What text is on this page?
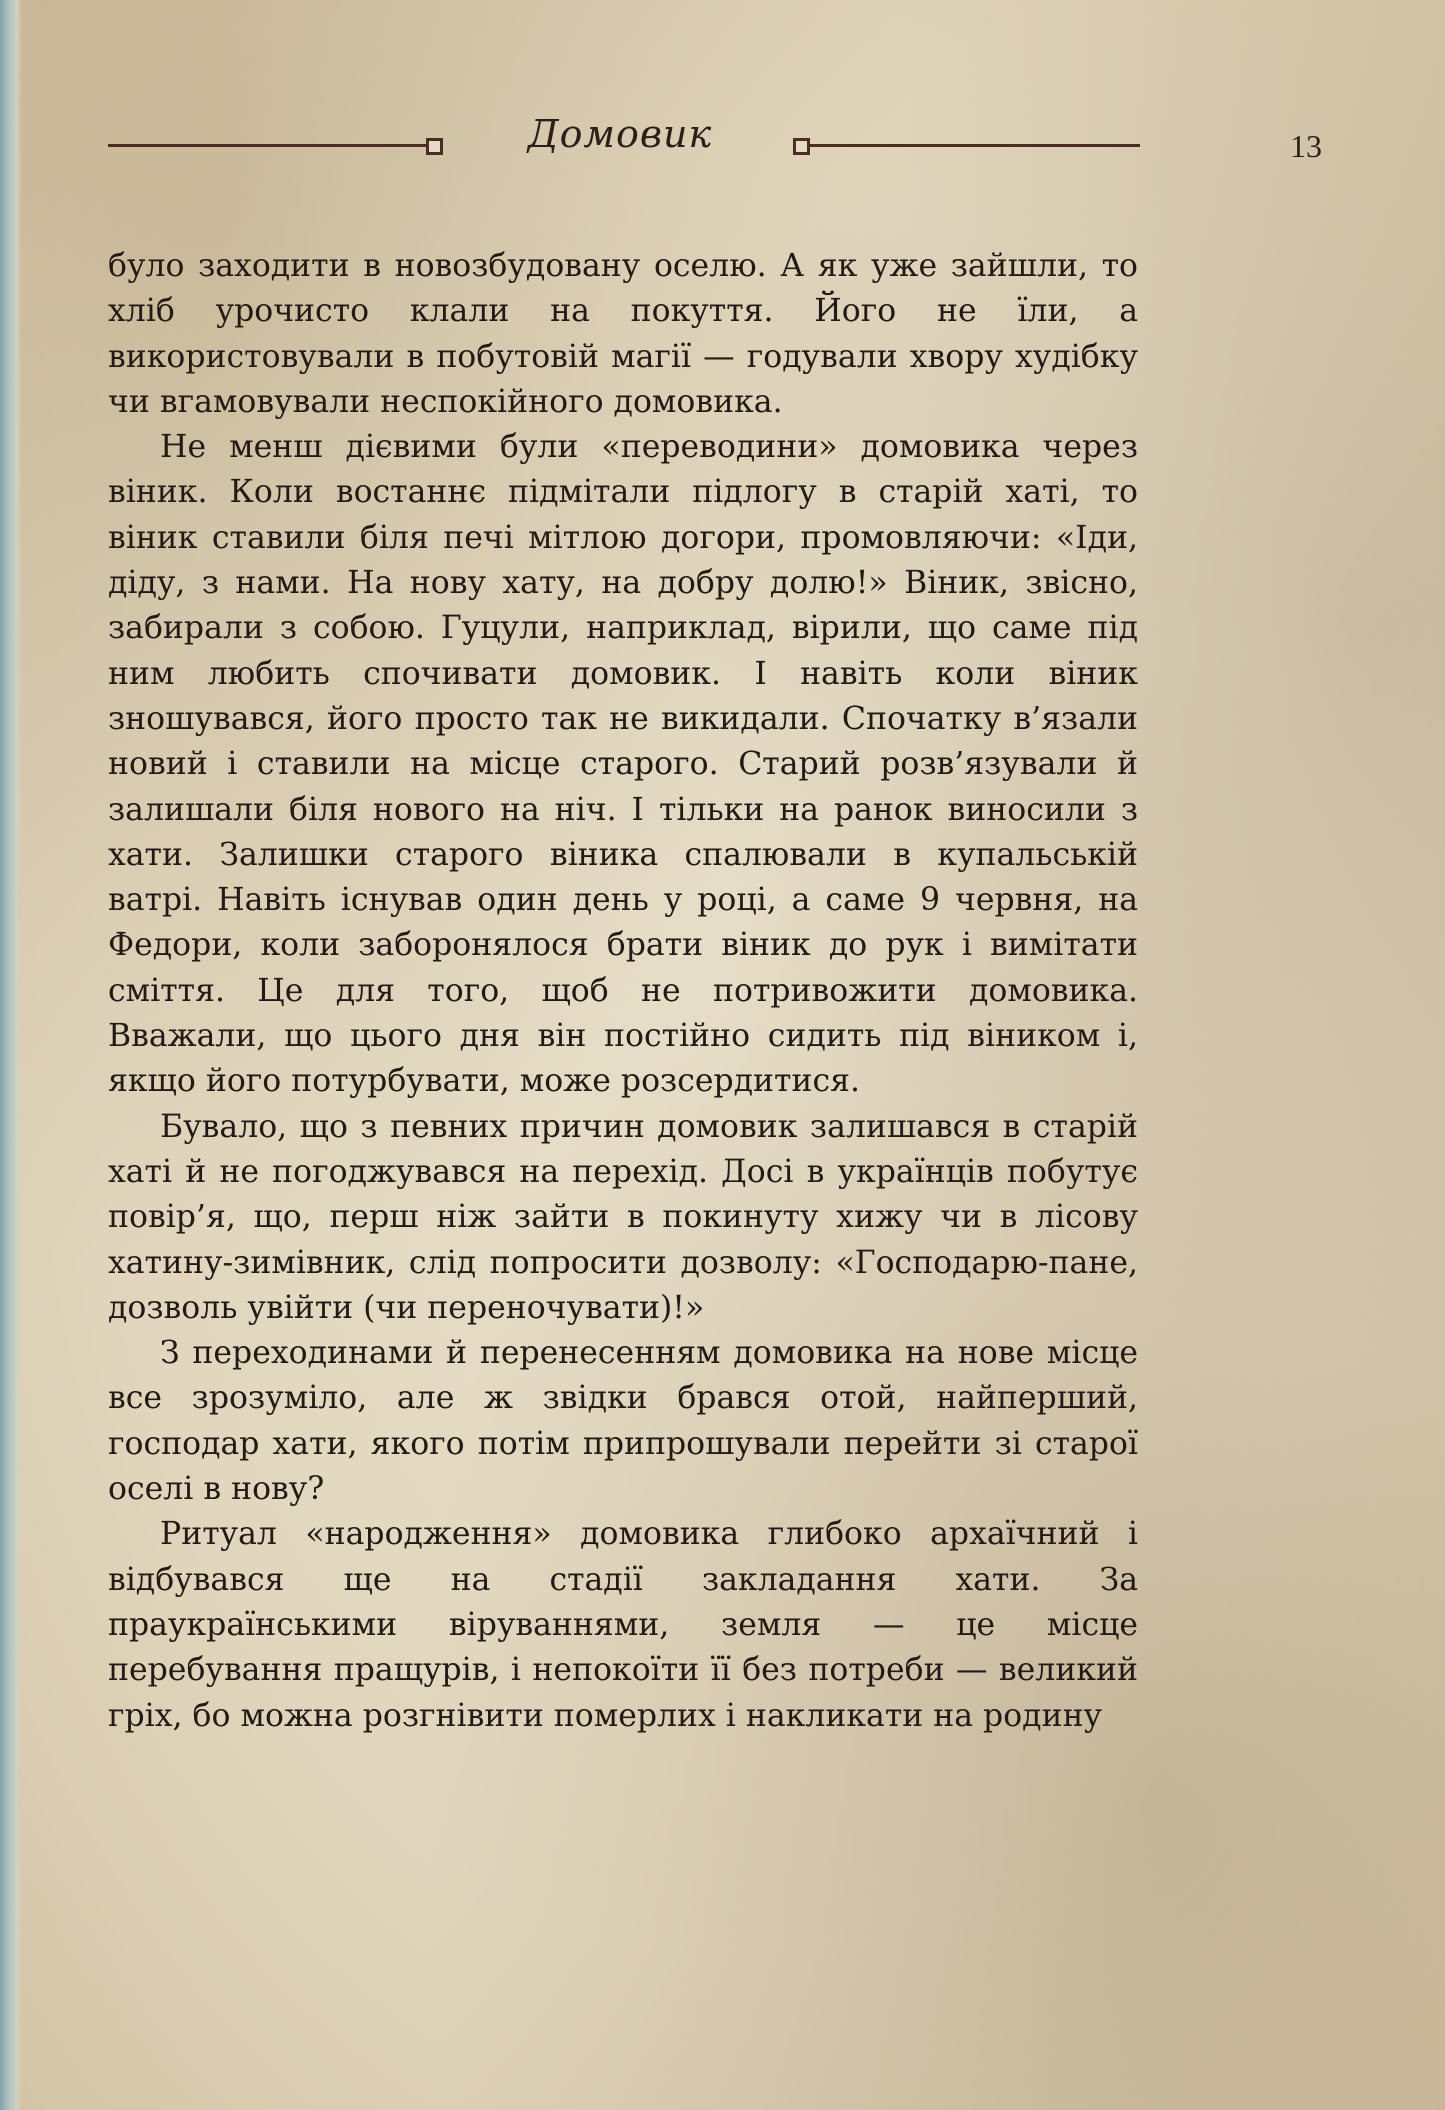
Домовик	13

було заходити в новозбудовану оселю. А як уже зайшли, то хліб урочисто клали на покуття. Його не їли, а використовували в побутовій магії — годували хвору худібку чи вгамовували неспокійного домовика.

Не менш дієвими були «переводини» домовика через віник. Коли востаннє підмітали підлогу в старій хаті, то віник ставили біля печі мітлою догори, промовляючи: «Іди, діду, з нами. На нову хату, на добру долю!» Віник, звісно, забирали з собою. Гуцули, наприклад, вірили, що саме під ним любить спочивати домовик. І навіть коли віник зношувався, його просто так не викидали. Спочатку в’язали новий і ставили на місце старого. Старий розв’язували й залишали біля нового на ніч. І тільки на ранок виносили з хати. Залишки старого віника спалювали в купальській ватрі. Навіть існував один день у році, а саме 9 червня, на Федори, коли заборонялося брати віник до рук і вимітати сміття. Це для того, щоб не потривожити домовика. Вважали, що цього дня він постійно сидить під віником і, якщо його потурбувати, може розсердитися.

Бувало, що з певних причин домовик залишався в старій хаті й не погоджувався на перехід. Досі в українців побутує повір’я, що, перш ніж зайти в покинуту хижу чи в лісову хатину-зимівник, слід попросити дозволу: «Господарю-пане, дозволь увійти (чи переночувати)!»

З переходинами й перенесенням домовика на нове місце все зрозуміло, але ж звідки брався отой, найперший, господар хати, якого потім припрошували перейти зі старої оселі в нову?

Ритуал «народження» домовика глибоко архаїчний і відбувався ще на стадії закладання хати. За праукраїнськими віруваннями, земля — це місце перебування пращурів, і непокоїти її без потреби — великий гріх, бо можна розгнівити померлих і накликати на родину
